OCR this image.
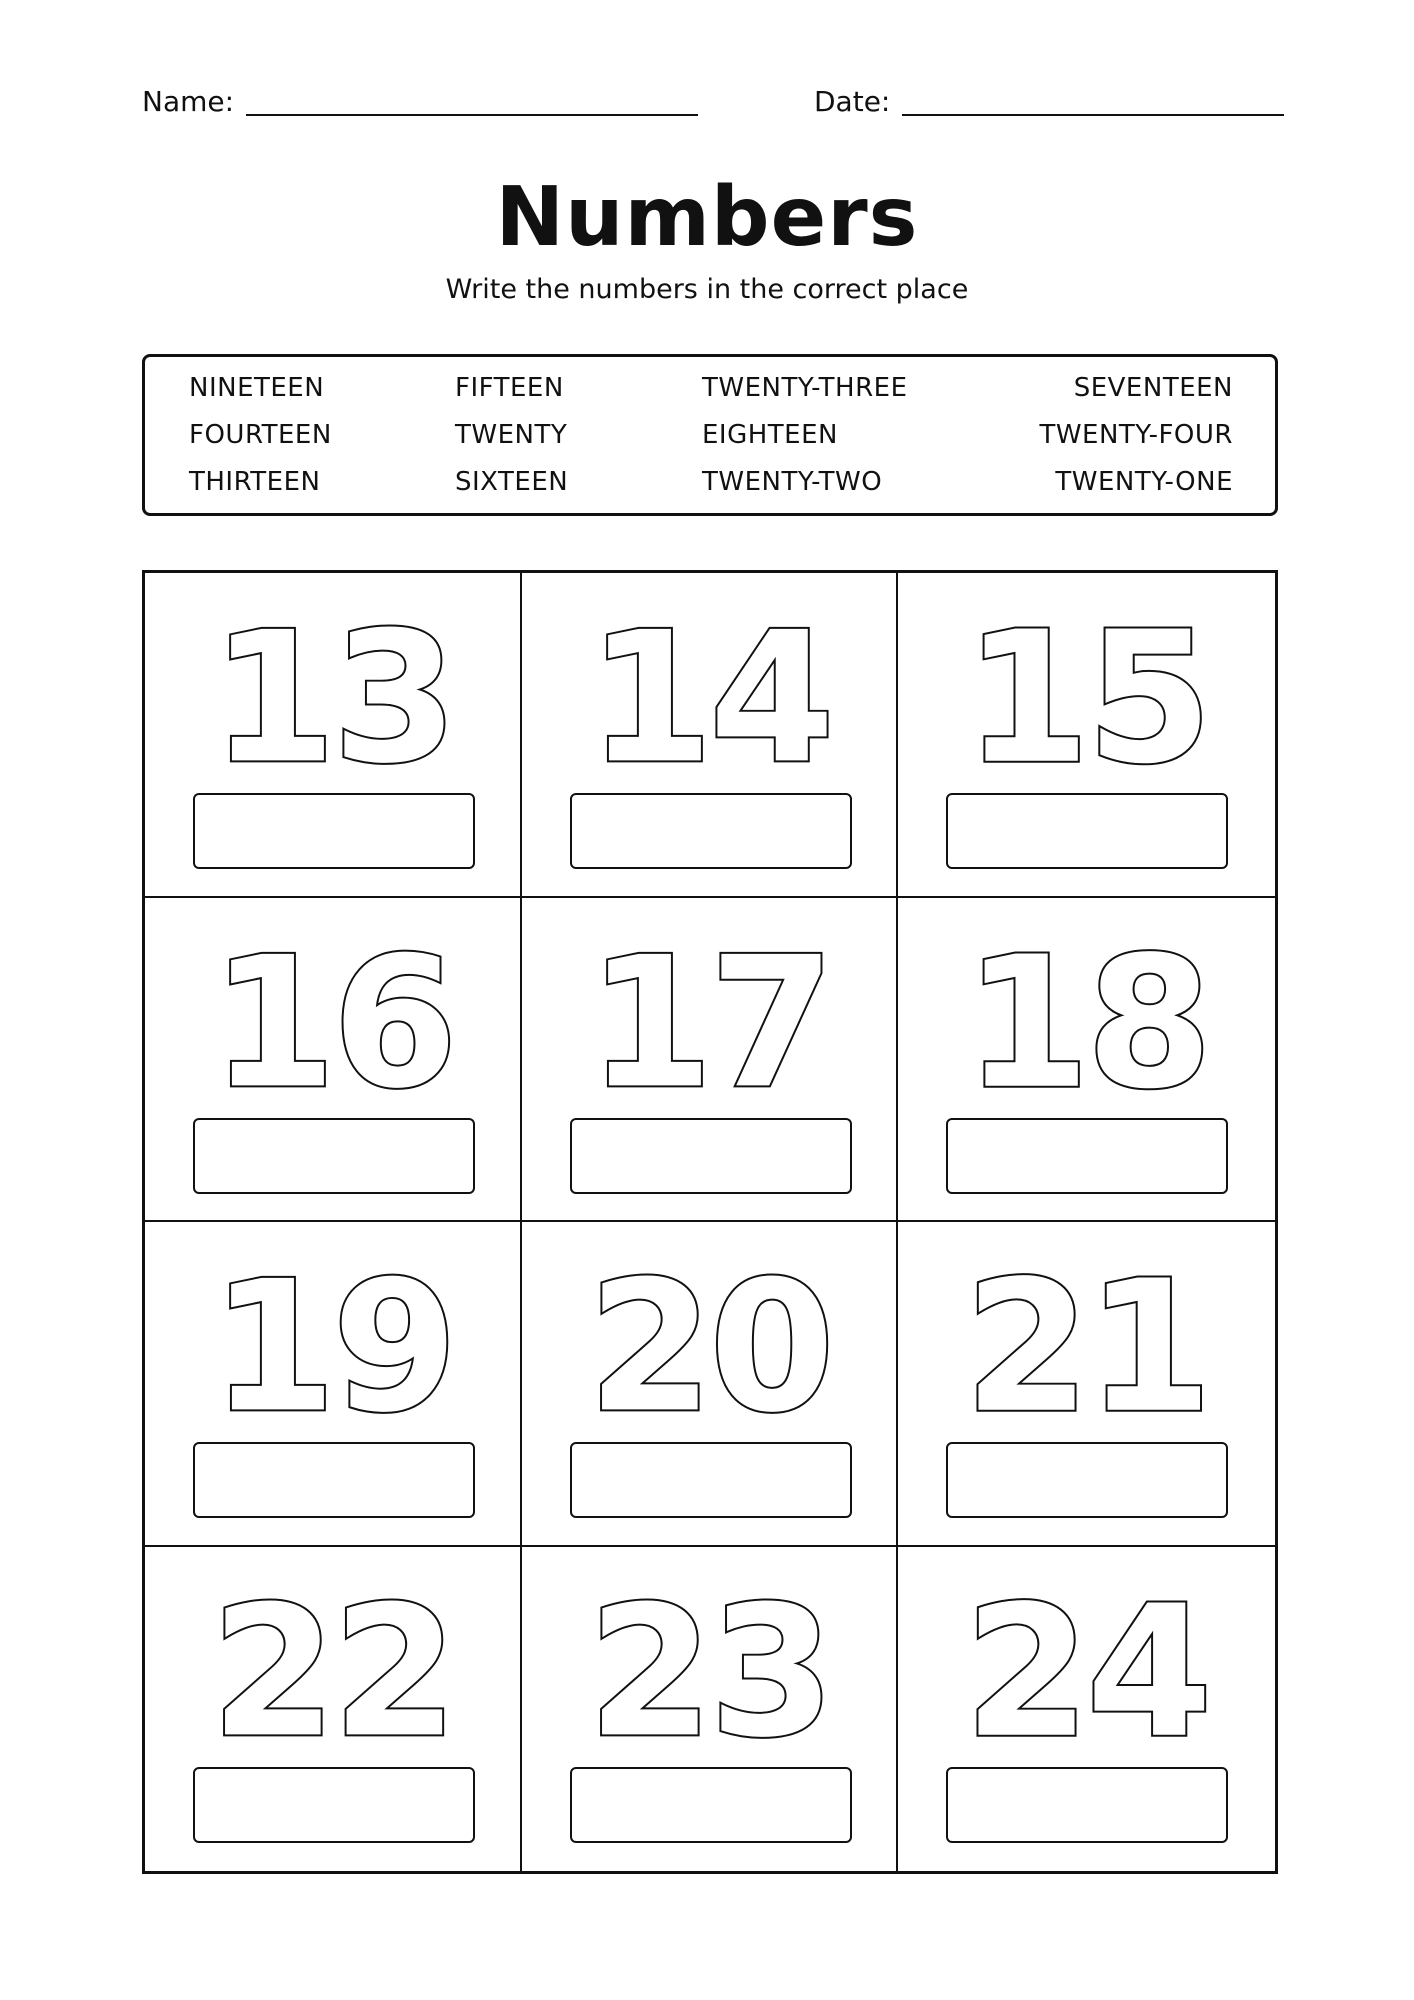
Name:	Date:
Numbers
Write the numbers in the correct place
NINETEEN	FIFTEEN	TWENTY-THREE	SEVENTEEN
FOURTEEN	TWENTY	EIGHTEEN	TWENTY-FOUR
THIRTEEN	SIXTEEN	TWENTY-TWO	TWENTY-ONE
13 14 15
16 17 18
19 20 21
22 23 24
